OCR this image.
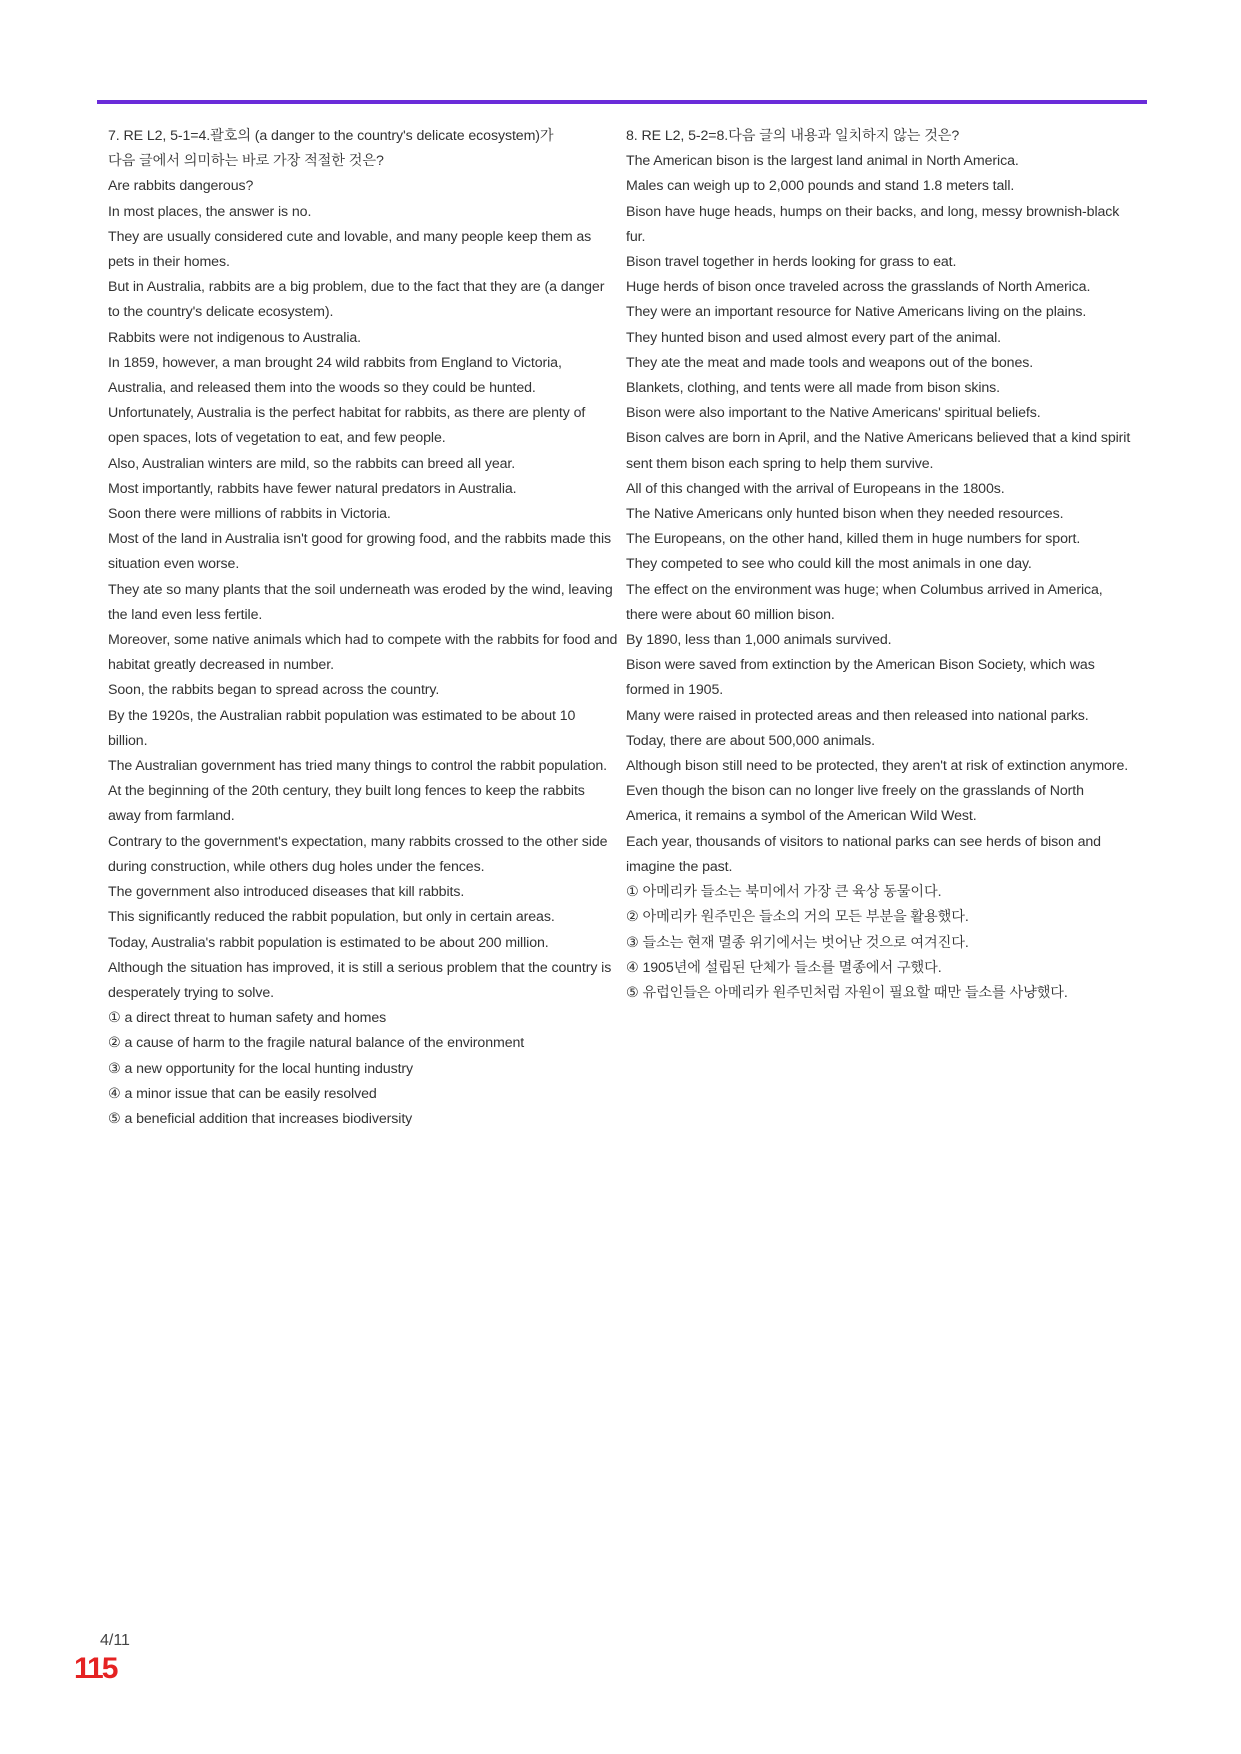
7. RE L2, 5-1=4.괄호의 (a danger to the country's delicate ecosystem)가

다음 글에서 의미하는 바로 가장 적절한 것은?

Are rabbits dangerous?

In most places, the answer is no.

They are usually considered cute and lovable, and many people keep them as pets in their homes.

But in Australia, rabbits are a big problem, due to the fact that they are (a danger to the country's delicate ecosystem).

Rabbits were not indigenous to Australia.

In 1859, however, a man brought 24 wild rabbits from England to Victoria, Australia, and released them into the woods so they could be hunted.

Unfortunately, Australia is the perfect habitat for rabbits, as there are plenty of open spaces, lots of vegetation to eat, and few people.

Also, Australian winters are mild, so the rabbits can breed all year.

Most importantly, rabbits have fewer natural predators in Australia.

Soon there were millions of rabbits in Victoria.

Most of the land in Australia isn't good for growing food, and the rabbits made this situation even worse.

They ate so many plants that the soil underneath was eroded by the wind, leaving the land even less fertile.

Moreover, some native animals which had to compete with the rabbits for food and habitat greatly decreased in number.

Soon, the rabbits began to spread across the country.

By the 1920s, the Australian rabbit population was estimated to be about 10 billion.

The Australian government has tried many things to control the rabbit population.

At the beginning of the 20th century, they built long fences to keep the rabbits away from farmland.

Contrary to the government's expectation, many rabbits crossed to the other side during construction, while others dug holes under the fences.

The government also introduced diseases that kill rabbits.

This significantly reduced the rabbit population, but only in certain areas.

Today, Australia's rabbit population is estimated to be about 200 million.

Although the situation has improved, it is still a serious problem that the country is desperately trying to solve.

① a direct threat to human safety and homes

② a cause of harm to the fragile natural balance of the environment

③ a new opportunity for the local hunting industry

④ a minor issue that can be easily resolved

⑤ a beneficial addition that increases biodiversity

8. RE L2, 5-2=8.다음 글의 내용과 일치하지 않는 것은?

The American bison is the largest land animal in North America.

Males can weigh up to 2,000 pounds and stand 1.8 meters tall.

Bison have huge heads, humps on their backs, and long, messy brownish-black fur.

Bison travel together in herds looking for grass to eat.

Huge herds of bison once traveled across the grasslands of North America.

They were an important resource for Native Americans living on the plains.

They hunted bison and used almost every part of the animal.

They ate the meat and made tools and weapons out of the bones.

Blankets, clothing, and tents were all made from bison skins.

Bison were also important to the Native Americans' spiritual beliefs.

Bison calves are born in April, and the Native Americans believed that a kind spirit sent them bison each spring to help them survive.

All of this changed with the arrival of Europeans in the 1800s.

The Native Americans only hunted bison when they needed resources.

The Europeans, on the other hand, killed them in huge numbers for sport.

They competed to see who could kill the most animals in one day.

The effect on the environment was huge; when Columbus arrived in America, there were about 60 million bison.

By 1890, less than 1,000 animals survived.

Bison were saved from extinction by the American Bison Society, which was formed in 1905.

Many were raised in protected areas and then released into national parks.

Today, there are about 500,000 animals.

Although bison still need to be protected, they aren't at risk of extinction anymore.

Even though the bison can no longer live freely on the grasslands of North America, it remains a symbol of the American Wild West.

Each year, thousands of visitors to national parks can see herds of bison and imagine the past.

① 아메리카 들소는 북미에서 가장 큰 육상 동물이다.

② 아메리카 원주민은 들소의 거의 모든 부분을 활용했다.

③ 들소는 현재 멸종 위기에서는 벗어난 것으로 여겨진다.

④ 1905년에 설립된 단체가 들소를 멸종에서 구했다.

⑤ 유럽인들은 아메리카 원주민처럼 자원이 필요할 때만 들소를 사냥했다.

4/11
115
